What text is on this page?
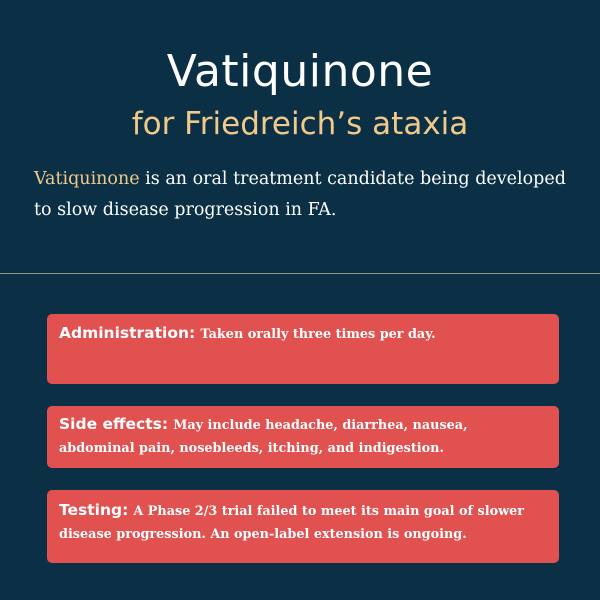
Vatiquinone
for Friedreich’s ataxia
Vatiquinone is an oral treatment candidate being developed to slow disease progression in FA.

Administration: Taken orally three times per day.

Side effects: May include headache, diarrhea, nausea, abdominal pain, nosebleeds, itching, and indigestion.

Testing: A Phase 2/3 trial failed to meet its main goal of slower disease progression. An open-label extension is ongoing.
